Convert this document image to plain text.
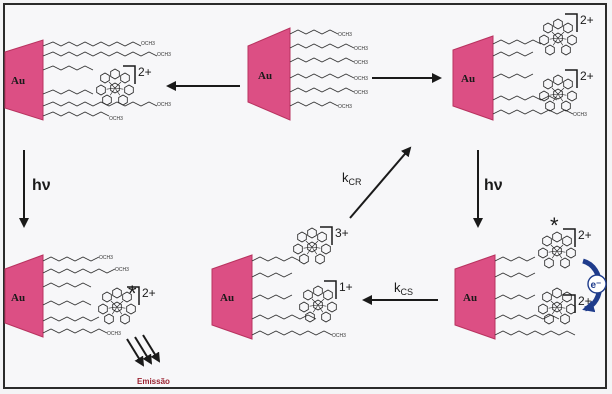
Au
OCH3
OCH3
OCH3
OCH3
2+	Au
OCH3
OCH3
OCH3
OCH3
OCH3
OCH3
Au
OCH3
2+
2+
Au
OCH3
OCH3
OCH3
* 2+
Emissão
Au
OCH3
3+
1+
Au
* 2+
2+
e⁻
hν	hν
$k_{CR}$
$k_{CS}$
